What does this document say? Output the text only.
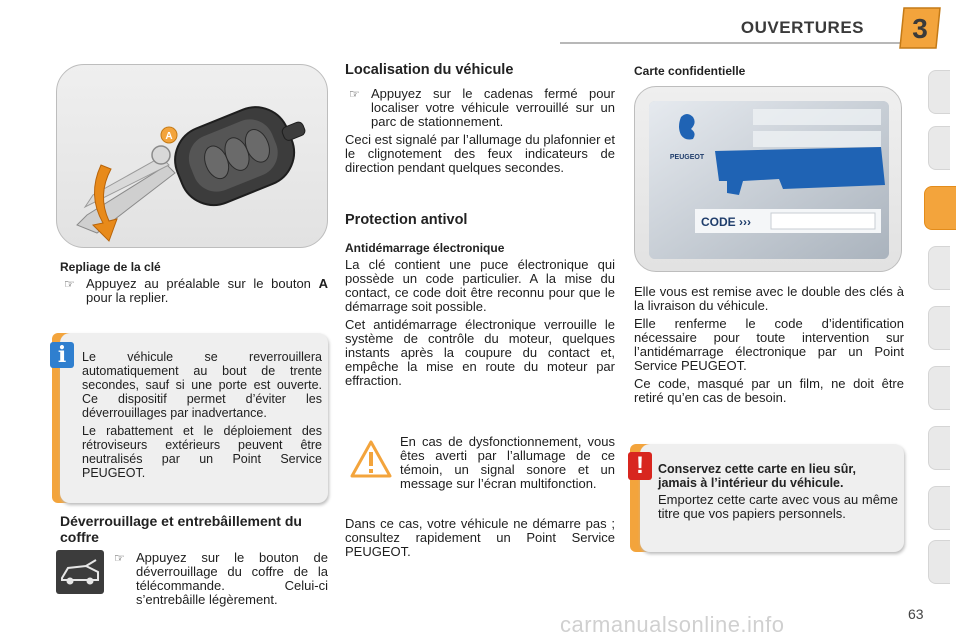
OUVERTURES 3
A
Repliage de la clé
☞ Appuyez au préalable sur le bouton A pour la replier.

Le véhicule se reverrouillera automatiquement au bout de trente secondes, sauf si une porte est ouverte. Ce dispositif permet d’éviter les déverrouillages par inadvertance.

Le rabattement et le déploiement des rétroviseurs extérieurs peuvent être neutralisés par un Point Service PEUGEOT.

i
Déverrouillage et entrebâillement du coffre
☞ Appuyez sur le bouton de déverrouillage du coffre de la télécommande. Celui-ci s’entrebâille légèrement.
Localisation du véhicule
☞ Appuyez sur le cadenas fermé pour localiser votre véhicule verrouillé sur un parc de stationnement.

Ceci est signalé par l’allumage du plafonnier et le clignotement des feux indicateurs de direction pendant quelques secondes.

Protection antivol
Antidémarrage électronique

La clé contient une puce électronique qui possède un code particulier. A la mise du contact, ce code doit être reconnu pour que le démarrage soit possible.

Cet antidémarrage électronique verrouille le système de contrôle du moteur, quelques instants après la coupure du contact et, empêche la mise en route du moteur par effraction.

En cas de dysfonctionnement, vous êtes averti par l’allumage de ce témoin, un signal sonore et un message sur l’écran multifonction.
Dans ce cas, votre véhicule ne démarre pas ; consultez rapidement un Point Service PEUGEOT.
Carte confidentielle
PEUGEOT
CODE ›››

Elle vous est remise avec le double des clés à la livraison du véhicule.

Elle renferme le code d’identification nécessaire pour toute intervention sur l’antidémarrage électronique par un Point Service PEUGEOT.

Ce code, masqué par un film, ne doit être retiré qu’en cas de besoin.

Conservez cette carte en lieu sûr, jamais à l’intérieur du véhicule.

Emportez cette carte avec vous au même titre que vos papiers personnels.

!
63
carmanualsonline.info
